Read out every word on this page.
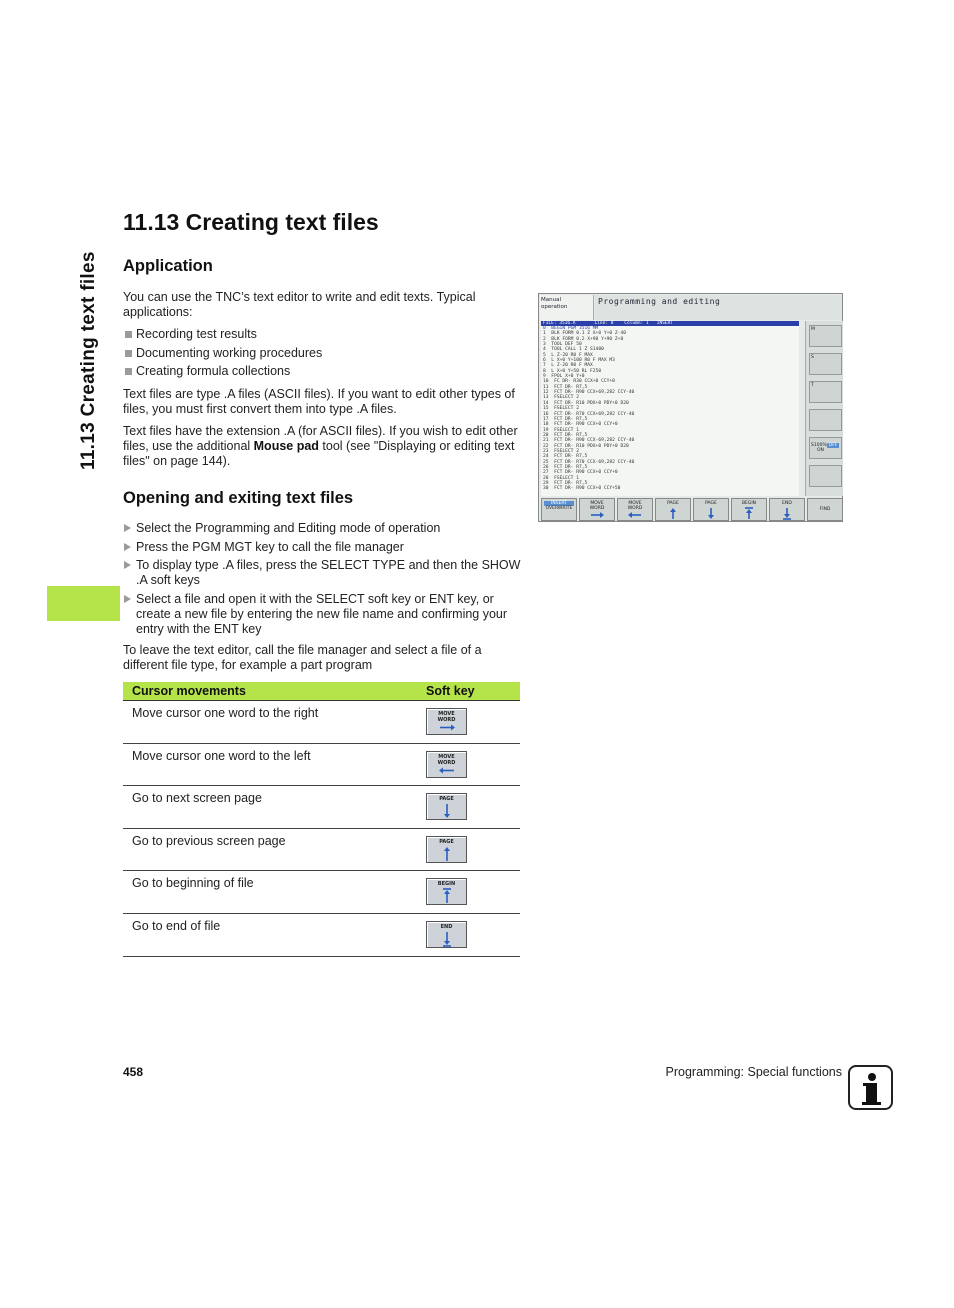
11.13 Creating text files
11.13 Creating text files
Application

You can use the TNC’s text editor to write and edit texts. Typical applications:

Recording test results
Documenting working procedures
Creating formula collections

Text files are type .A files (ASCII files). If you want to edit other types of files, you must first convert them into type .A files.

Text files have the extension .A (for ASCII files). If you wish to edit other files, use the additional Mouse pad tool (see "Displaying or editing text files" on page 144).

Opening and exiting text files
Select the Programming and Editing mode of operation
Press the PGM MGT key to call the file manager
To display type .A files, press the SELECT TYPE and then the SHOW .A soft keys
Select a file and open it with the SELECT soft key or ENT key, or create a new file by entering the new file name and confirming your entry with the ENT key

To leave the text editor, call the file manager and select a file of a different file type, for example a part program

Cursor movements	Soft key
Move cursor one word to the right	MOVE
WORD
Move cursor one word to the left	MOVE
WORD
Go to next screen page	PAGE
Go to previous screen page	PAGE
Go to beginning of file	BEGIN
Go to end of file	END
Manual
operation
Programming and editing
FILE: 3516.A       Line: 0    Column: 1   INSERT
0  BEGIN PGM 3516 MM
1  BLK FORM 0.1 Z X+0 Y+0 Z-40
2  BLK FORM 0.2 X+90 Y+90 Z+0
3  TOOL DEF 50
4  TOOL CALL 1 Z S1400
5  L Z-20 R0 F MAX
6  L X+0 Y+100 R0 F MAX M3
7  L Z-20 R0 F MAX
8  L X+0 Y+50 RL F250
9  FPOL X+0 Y+0
10  FC DR- R30 CCX+0 CCY+0
11  FCT DR- R7,5
12  FCT DR- R90 CCX+69,282 CCY-40
13  FSELECT 2
14  FCT DR- R10 PDX+0 PDY+0 D20
15  FSELECT 2
16  FCT DR- R70 CCX+69,282 CCY-40
17  FCT DR- R7,5
18  FCT DR- R90 CCX+0 CCY+0
19  FSELECT 1
20  FCT DR- R7,5
21  FCT DR- R90 CCX-69,282 CCY-40
22  FCT DR- R10 PDX+0 PDY+0 D20
23  FSELECT 2
24  FCT DR- R7,5
25  FCT DR- R70 CCX-69,282 CCY-40
26  FCT DR- R7,5
27  FCT DR- R90 CCX+0 CCY+0
28  FSELECT 1
29  FCT DR- R7,5
30  FCT DR- R90 CCX+0 CCY+50
M
S
T
S100% OFFON
INSERT
OVERWRITE
MOVE
WORD
MOVE
WORD
PAGE	PAGE	BEGIN	END
FIND
458	Programming: Special functions
